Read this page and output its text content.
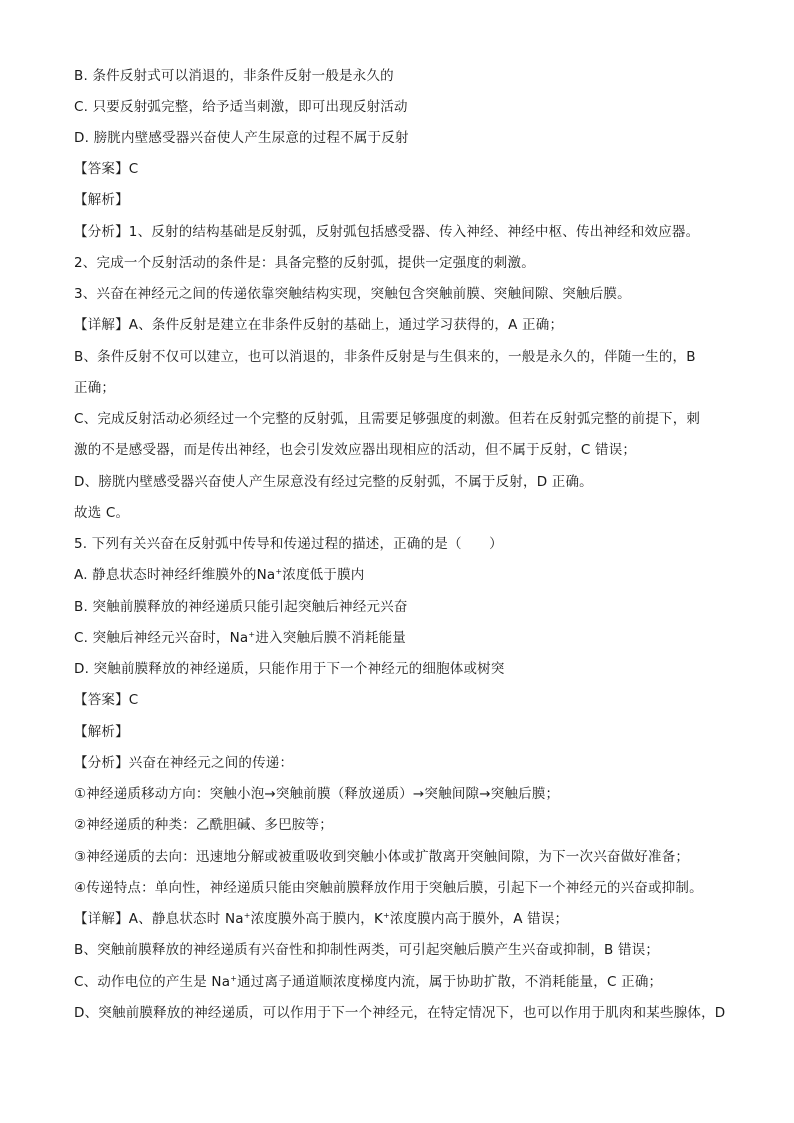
B. 条件反射式可以消退的，非条件反射一般是永久的
C. 只要反射弧完整，给予适当刺激，即可出现反射活动
D. 膀胱内壁感受器兴奋使人产生尿意的过程不属于反射
【答案】C
【解析】
【分析】1、反射的结构基础是反射弧，反射弧包括感受器、传入神经、神经中枢、传出神经和效应器。
2、完成一个反射活动的条件是：具备完整的反射弧，提供一定强度的刺激。
3、兴奋在神经元之间的传递依靠突触结构实现，突触包含突触前膜、突触间隙、突触后膜。
【详解】A、条件反射是建立在非条件反射的基础上，通过学习获得的，A 正确；
B、条件反射不仅可以建立，也可以消退的，非条件反射是与生俱来的，一般是永久的，伴随一生的，B
正确；
C、完成反射活动必须经过一个完整的反射弧，且需要足够强度的刺激。但若在反射弧完整的前提下，刺
激的不是感受器，而是传出神经，也会引发效应器出现相应的活动，但不属于反射，C 错误；
D、膀胱内壁感受器兴奋使人产生尿意没有经过完整的反射弧，不属于反射，D 正确。
故选 C。
5. 下列有关兴奋在反射弧中传导和传递过程的描述，正确的是（　　）
A. 静息状态时神经纤维膜外的Na+浓度低于膜内
B. 突触前膜释放的神经递质只能引起突触后神经元兴奋
C. 突触后神经元兴奋时，Na+进入突触后膜不消耗能量
D. 突触前膜释放的神经递质，只能作用于下一个神经元的细胞体或树突
【答案】C
【解析】
【分析】兴奋在神经元之间的传递：
①神经递质移动方向：突触小泡→突触前膜（释放递质）→突触间隙→突触后膜；
②神经递质的种类：乙酰胆碱、多巴胺等；
③神经递质的去向：迅速地分解或被重吸收到突触小体或扩散离开突触间隙，为下一次兴奋做好准备；
④传递特点：单向性，神经递质只能由突触前膜释放作用于突触后膜，引起下一个神经元的兴奋或抑制。
【详解】A、静息状态时 Na+浓度膜外高于膜内，K+浓度膜内高于膜外，A 错误；
B、突触前膜释放的神经递质有兴奋性和抑制性两类，可引起突触后膜产生兴奋或抑制，B 错误；
C、动作电位的产生是 Na+通过离子通道顺浓度梯度内流，属于协助扩散，不消耗能量，C 正确；
D、突触前膜释放的神经递质，可以作用于下一个神经元，在特定情况下，也可以作用于肌肉和某些腺体，D
